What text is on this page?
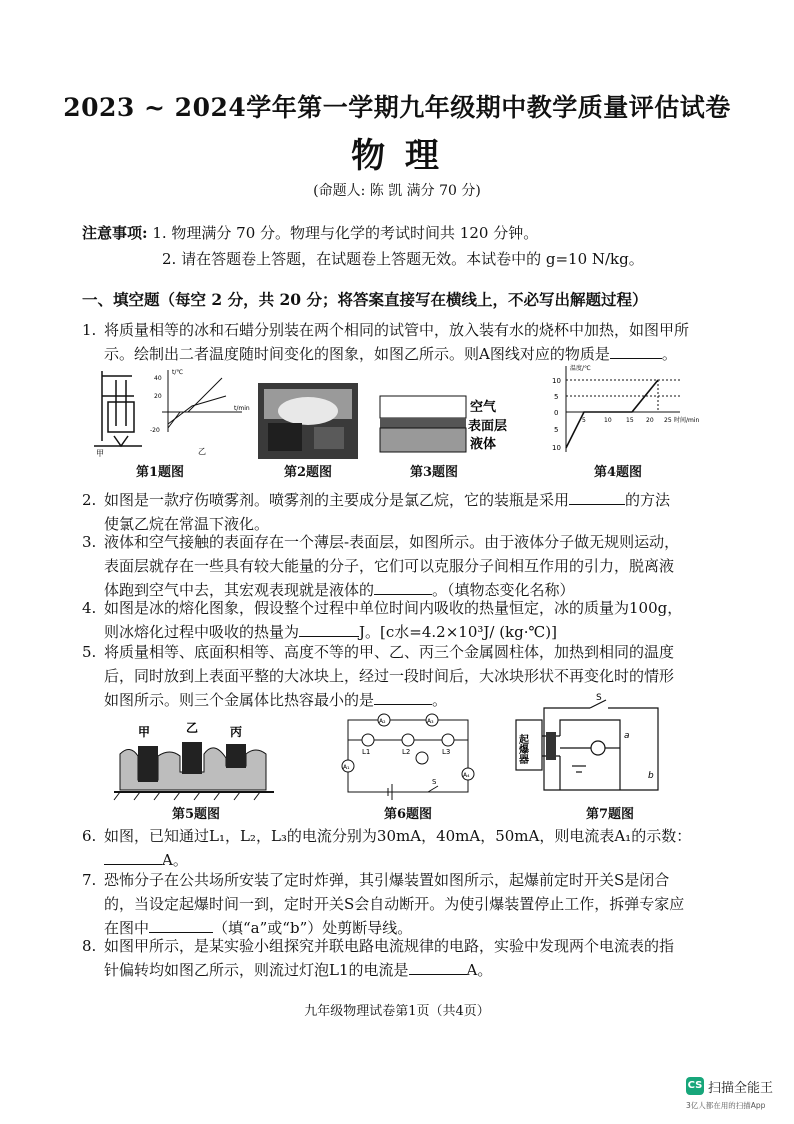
2023 ~ 2024学年第一学期九年级期中教学质量评估试卷
物 理
(命题人: 陈 凯 满分 70 分)
注意事项: 1. 物理满分 70 分。物理与化学的考试时间共 120 分钟。
2. 请在答题卷上答题，在试题卷上答题无效。本试卷中的 g=10 N/kg。
一、填空题（每空 2 分，共 20 分；将答案直接写在横线上，不必写出解题过程）
1. 将质量相等的冰和石蜡分别装在两个相同的试管中，放入装有水的烧杯中加热，如图甲所
示。绘制出二者温度随时间变化的图象，如图乙所示。则A图线对应的物质是	。
甲
t/℃
40
20
-20
t/min
乙
第1题图	第2题图
空气
表面层
液体
第3题图
温度/℃
时间/min
10
5
0
5
10
5	10 15 20 25
第4题图
2. 如图是一款疗伤喷雾剂。喷雾剂的主要成分是氯乙烷，它的装瓶是采用	的方法
使氯乙烷在常温下液化。
3. 液体和空气接触的表面存在一个薄层-表面层，如图所示。由于液体分子做无规则运动，
表面层就存在一些具有较大能量的分子，它们可以克服分子间相互作用的引力，脱离液
体跑到空气中去，其宏观表现就是液体的	。（填物态变化名称）
4. 如图是冰的熔化图象，假设整个过程中单位时间内吸收的热量恒定，冰的质量为100g，
则冰熔化过程中吸收的热量为	J。[c水=4.2×10³J/ (kg·℃)]
5. 将质量相等、底面积相等、高度不等的甲、乙、丙三个金属圆柱体，加热到相同的温度
后，同时放到上表面平整的大冰块上，经过一段时间后，大冰块形状不再变化时的情形
如图所示。则三个金属体比热容最小的是	。
甲	乙	丙
第5题图
A₂	A₃
A₁
A₄
L1	L2	L3
S
第6题图
S
a
b
起爆器
第7题图
6. 如图，已知通过L₁，L₂，L₃的电流分别为30mA，40mA，50mA，则电流表A₁的示数：
A。
7. 恐怖分子在公共场所安装了定时炸弹，其引爆装置如图所示，起爆前定时开关S是闭合
的，当设定起爆时间一到，定时开关S会自动断开。为使引爆装置停止工作，拆弹专家应
在图中	（填“a”或“b”）处剪断导线。
8. 如图甲所示，是某实验小组探究并联电路电流规律的电路，实验中发现两个电流表的指
针偏转均如图乙所示，则流过灯泡L1的电流是	A。
九年级物理试卷第1页（共4页）
CS 扫描全能王
3亿人都在用的扫描App
